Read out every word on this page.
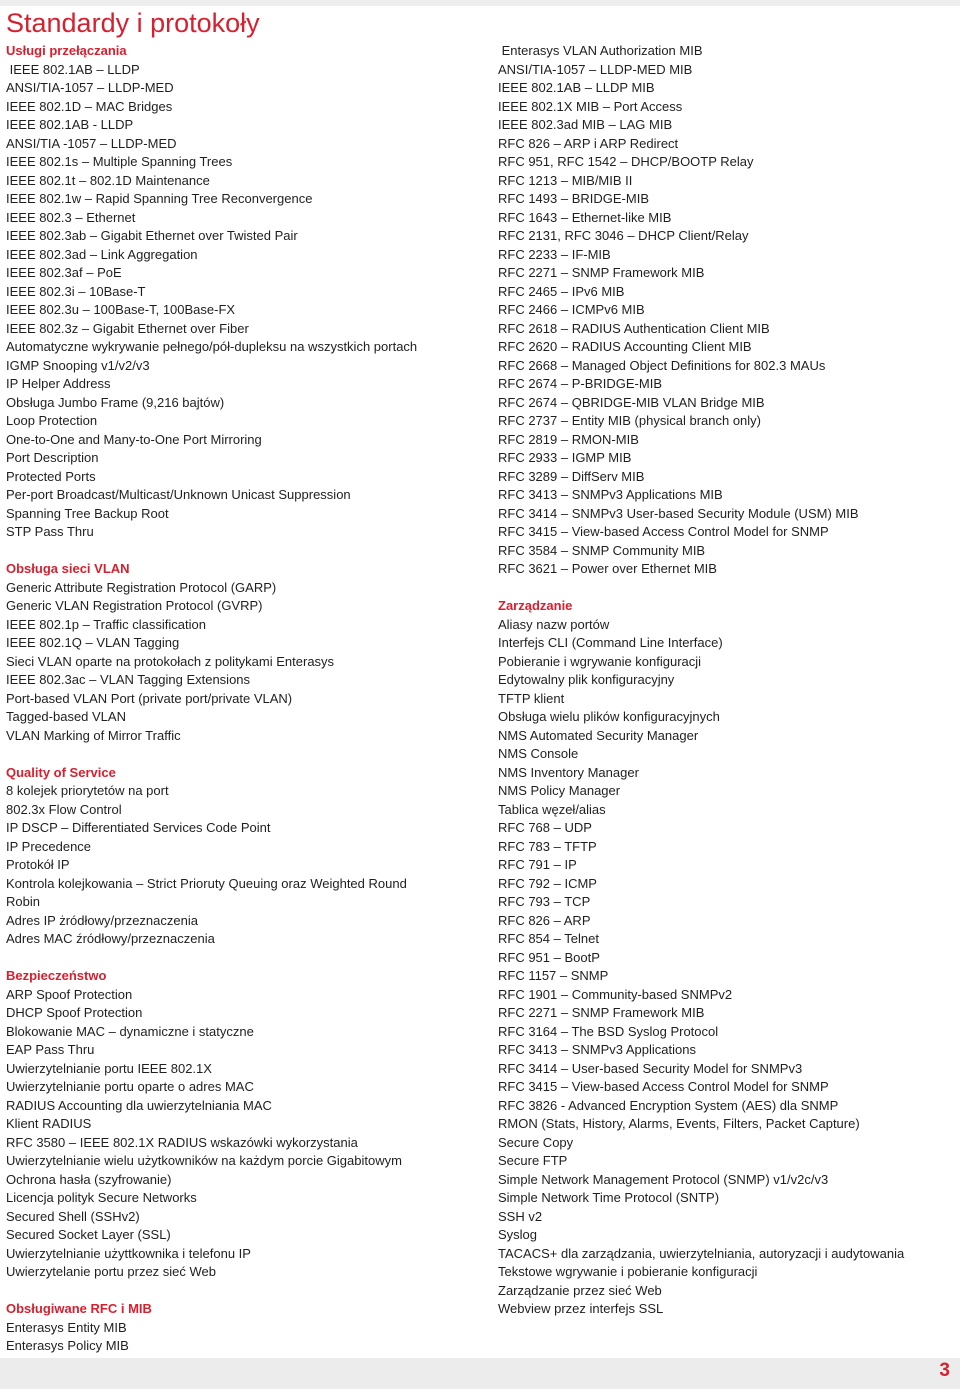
Standardy i protokoły
Usługi przełączania
IEEE 802.1AB – LLDP
ANSI/TIA-1057 – LLDP-MED
IEEE 802.1D – MAC Bridges
IEEE 802.1AB - LLDP
ANSI/TIA -1057 – LLDP-MED
IEEE 802.1s – Multiple Spanning Trees
IEEE 802.1t – 802.1D Maintenance
IEEE 802.1w – Rapid Spanning Tree Reconvergence
IEEE 802.3 – Ethernet
IEEE 802.3ab – Gigabit Ethernet over Twisted Pair
IEEE 802.3ad – Link Aggregation
IEEE 802.3af – PoE
IEEE 802.3i – 10Base-T
IEEE 802.3u – 100Base-T, 100Base-FX
IEEE 802.3z – Gigabit Ethernet over Fiber
Automatyczne wykrywanie pełnego/pół-dupleksu na wszystkich portach
IGMP Snooping v1/v2/v3
IP Helper Address
Obsługa Jumbo Frame (9,216 bajtów)
Loop Protection
One-to-One and Many-to-One Port Mirroring
Port Description
Protected Ports
Per-port Broadcast/Multicast/Unknown Unicast Suppression
Spanning Tree Backup Root
STP Pass Thru
Obsługa sieci VLAN
Generic Attribute Registration Protocol (GARP)
Generic VLAN Registration Protocol (GVRP)
IEEE 802.1p – Traffic classification
IEEE 802.1Q – VLAN Tagging
Sieci VLAN oparte na protokołach z politykami Enterasys
IEEE 802.3ac – VLAN Tagging Extensions
Port-based VLAN Port (private port/private VLAN)
Tagged-based VLAN
VLAN Marking of Mirror Traffic
Quality of Service
8 kolejek priorytetów na port
802.3x Flow Control
IP DSCP – Differentiated Services Code Point
IP Precedence
Protokół IP
Kontrola kolejkowania – Strict Prioruty Queuing oraz Weighted Round
Robin
Adres IP żródłowy/przeznaczenia
Adres MAC źródłowy/przeznaczenia
Bezpieczeństwo
ARP Spoof Protection
DHCP Spoof Protection
Blokowanie MAC – dynamiczne i statyczne
EAP Pass Thru
Uwierzytelnianie portu IEEE 802.1X
Uwierzytelnianie portu oparte o adres MAC
RADIUS Accounting dla uwierzytelniania MAC
Klient RADIUS
RFC 3580 – IEEE 802.1X RADIUS wskazówki wykorzystania
Uwierzytelnianie wielu użytkowników na każdym porcie Gigabitowym
Ochrona hasła (szyfrowanie)
Licencja polityk Secure Networks
Secured Shell (SSHv2)
Secured Socket Layer (SSL)
Uwierzytelnianie użyttkownika i telefonu IP
Uwierzytelanie portu przez sieć Web
Obsługiwane RFC i MIB
Enterasys Entity MIB
Enterasys Policy MIB
Enterasys VLAN Authorization MIB
ANSI/TIA-1057 – LLDP-MED MIB
IEEE 802.1AB – LLDP MIB
IEEE 802.1X MIB – Port Access
IEEE 802.3ad MIB – LAG MIB
RFC 826 – ARP i ARP Redirect
RFC 951, RFC 1542 – DHCP/BOOTP Relay
RFC 1213 – MIB/MIB II
RFC 1493 – BRIDGE-MIB
RFC 1643 – Ethernet-like MIB
RFC 2131, RFC 3046 – DHCP Client/Relay
RFC 2233 – IF-MIB
RFC 2271 – SNMP Framework MIB
RFC 2465 – IPv6 MIB
RFC 2466 – ICMPv6 MIB
RFC 2618 – RADIUS Authentication Client MIB
RFC 2620 – RADIUS Accounting Client MIB
RFC 2668 – Managed Object Definitions for 802.3 MAUs
RFC 2674 – P-BRIDGE-MIB
RFC 2674 – QBRIDGE-MIB VLAN Bridge MIB
RFC 2737 – Entity MIB (physical branch only)
RFC 2819 – RMON-MIB
RFC 2933 – IGMP MIB
RFC 3289 – DiffServ MIB
RFC 3413 – SNMPv3 Applications MIB
RFC 3414 – SNMPv3 User-based Security Module (USM) MIB
RFC 3415 – View-based Access Control Model for SNMP
RFC 3584 – SNMP Community MIB
RFC 3621 – Power over Ethernet MIB
Zarządzanie
Aliasy nazw portów
Interfejs CLI (Command Line Interface)
Pobieranie i wgrywanie konfiguracji
Edytowalny plik konfiguracyjny
TFTP klient
Obsługa wielu plików konfiguracyjnych
NMS Automated Security Manager
NMS Console
NMS Inventory Manager
NMS Policy Manager
Tablica węzeł/alias
RFC 768 – UDP
RFC 783 – TFTP
RFC 791 – IP
RFC 792 – ICMP
RFC 793 – TCP
RFC 826 – ARP
RFC 854 – Telnet
RFC 951 – BootP
RFC 1157 – SNMP
RFC 1901 – Community-based SNMPv2
RFC 2271 – SNMP Framework MIB
RFC 3164 – The BSD Syslog Protocol
RFC 3413 – SNMPv3 Applications
RFC 3414 – User-based Security Model for SNMPv3
RFC 3415 – View-based Access Control Model for SNMP
RFC 3826 - Advanced Encryption System (AES) dla SNMP
RMON (Stats, History, Alarms, Events, Filters, Packet Capture)
Secure Copy
Secure FTP
Simple Network Management Protocol (SNMP) v1/v2c/v3
Simple Network Time Protocol (SNTP)
SSH v2
Syslog
TACACS+ dla zarządzania, uwierzytelniania, autoryzacji i audytowania
Tekstowe wgrywanie i pobieranie konfiguracji
Zarządzanie przez sieć Web
Webview przez interfejs SSL
3
